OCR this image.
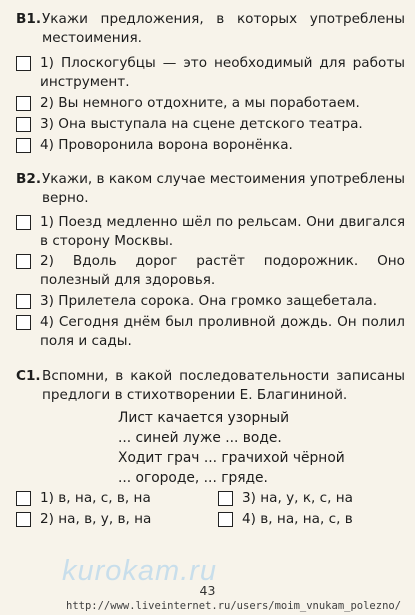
В1. Укажи предложения, в которых употреблены местоимения.
1) Плоскогубцы — это необходимый для работы инструмент.
2) Вы немного отдохните, а мы поработаем.
3) Она выступала на сцене детского театра.
4) Проворонила ворона воронёнка.
В2. Укажи, в каком случае местоимения употреблены верно.
1) Поезд медленно шёл по рельсам. Они двигался в сторону Москвы.
2) Вдоль дорог растёт подорожник. Оно полезный для здоровья.
3) Прилетела сорока. Она громко защебетала.
4) Сегодня днём был проливной дождь. Он полил поля и сады.
С1. Вспомни, в какой последовательности записаны предлоги в стихотворении Е. Благининой.
Лист качается узорный
... синей луже ... воде.
Ходит грач ... грачихой чёрной
... огороде, ... гряде.
1) в, на, с, в, на	3) на, у, к, с, на
2) на, в, у, в, на	4) в, на, на, с, в
kurokam.ru
43
http://www.liveinternet.ru/users/moim_vnukam_polezno/
